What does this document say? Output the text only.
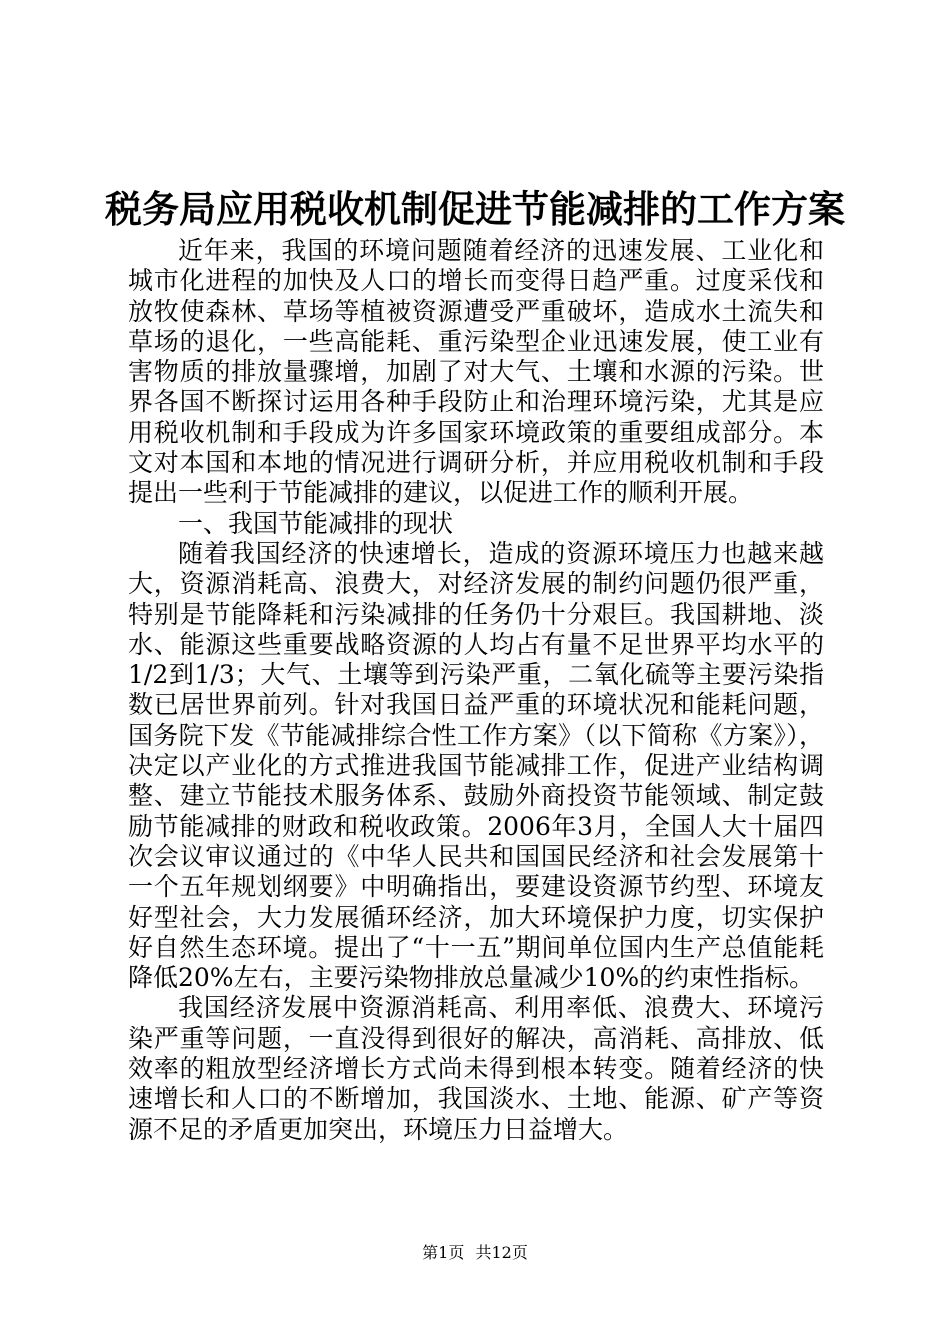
税务局应用税收机制促进节能减排的工作方案

近年来，我国的环境问题随着经济的迅速发展、工业化和城市化进程的加快及人口的增长而变得日趋严重。过度采伐和放牧使森林、草场等植被资源遭受严重破坏，造成水土流失和草场的退化，一些高能耗、重污染型企业迅速发展，使工业有害物质的排放量骤增，加剧了对大气、土壤和水源的污染。世界各国不断探讨运用各种手段防止和治理环境污染，尤其是应用税收机制和手段成为许多国家环境政策的重要组成部分。本文对本国和本地的情况进行调研分析，并应用税收机制和手段提出一些利于节能减排的建议，以促进工作的顺利开展。

一、我国节能减排的现状

随着我国经济的快速增长，造成的资源环境压力也越来越大，资源消耗高、浪费大，对经济发展的制约问题仍很严重，特别是节能降耗和污染减排的任务仍十分艰巨。我国耕地、淡水、能源这些重要战略资源的人均占有量不足世界平均水平的1/2到1/3；大气、土壤等到污染严重，二氧化硫等主要污染指数已居世界前列。针对我国日益严重的环境状况和能耗问题，国务院下发《节能减排综合性工作方案》（以下简称《方案》），决定以产业化的方式推进我国节能减排工作，促进产业结构调整、建立节能技术服务体系、鼓励外商投资节能领域、制定鼓励节能减排的财政和税收政策。2006年3月，全国人大十届四次会议审议通过的《中华人民共和国国民经济和社会发展第十一个五年规划纲要》中明确指出，要建设资源节约型、环境友好型社会，大力发展循环经济，加大环境保护力度，切实保护好自然生态环境。提出了“十一五”期间单位国内生产总值能耗降低20%左右，主要污染物排放总量减少10%的约束性指标。

我国经济发展中资源消耗高、利用率低、浪费大、环境污染严重等问题，一直没得到很好的解决，高消耗、高排放、低效率的粗放型经济增长方式尚未得到根本转变。随着经济的快速增长和人口的不断增加，我国淡水、土地、能源、矿产等资源不足的矛盾更加突出，环境压力日益增大。

第1页 共12页
